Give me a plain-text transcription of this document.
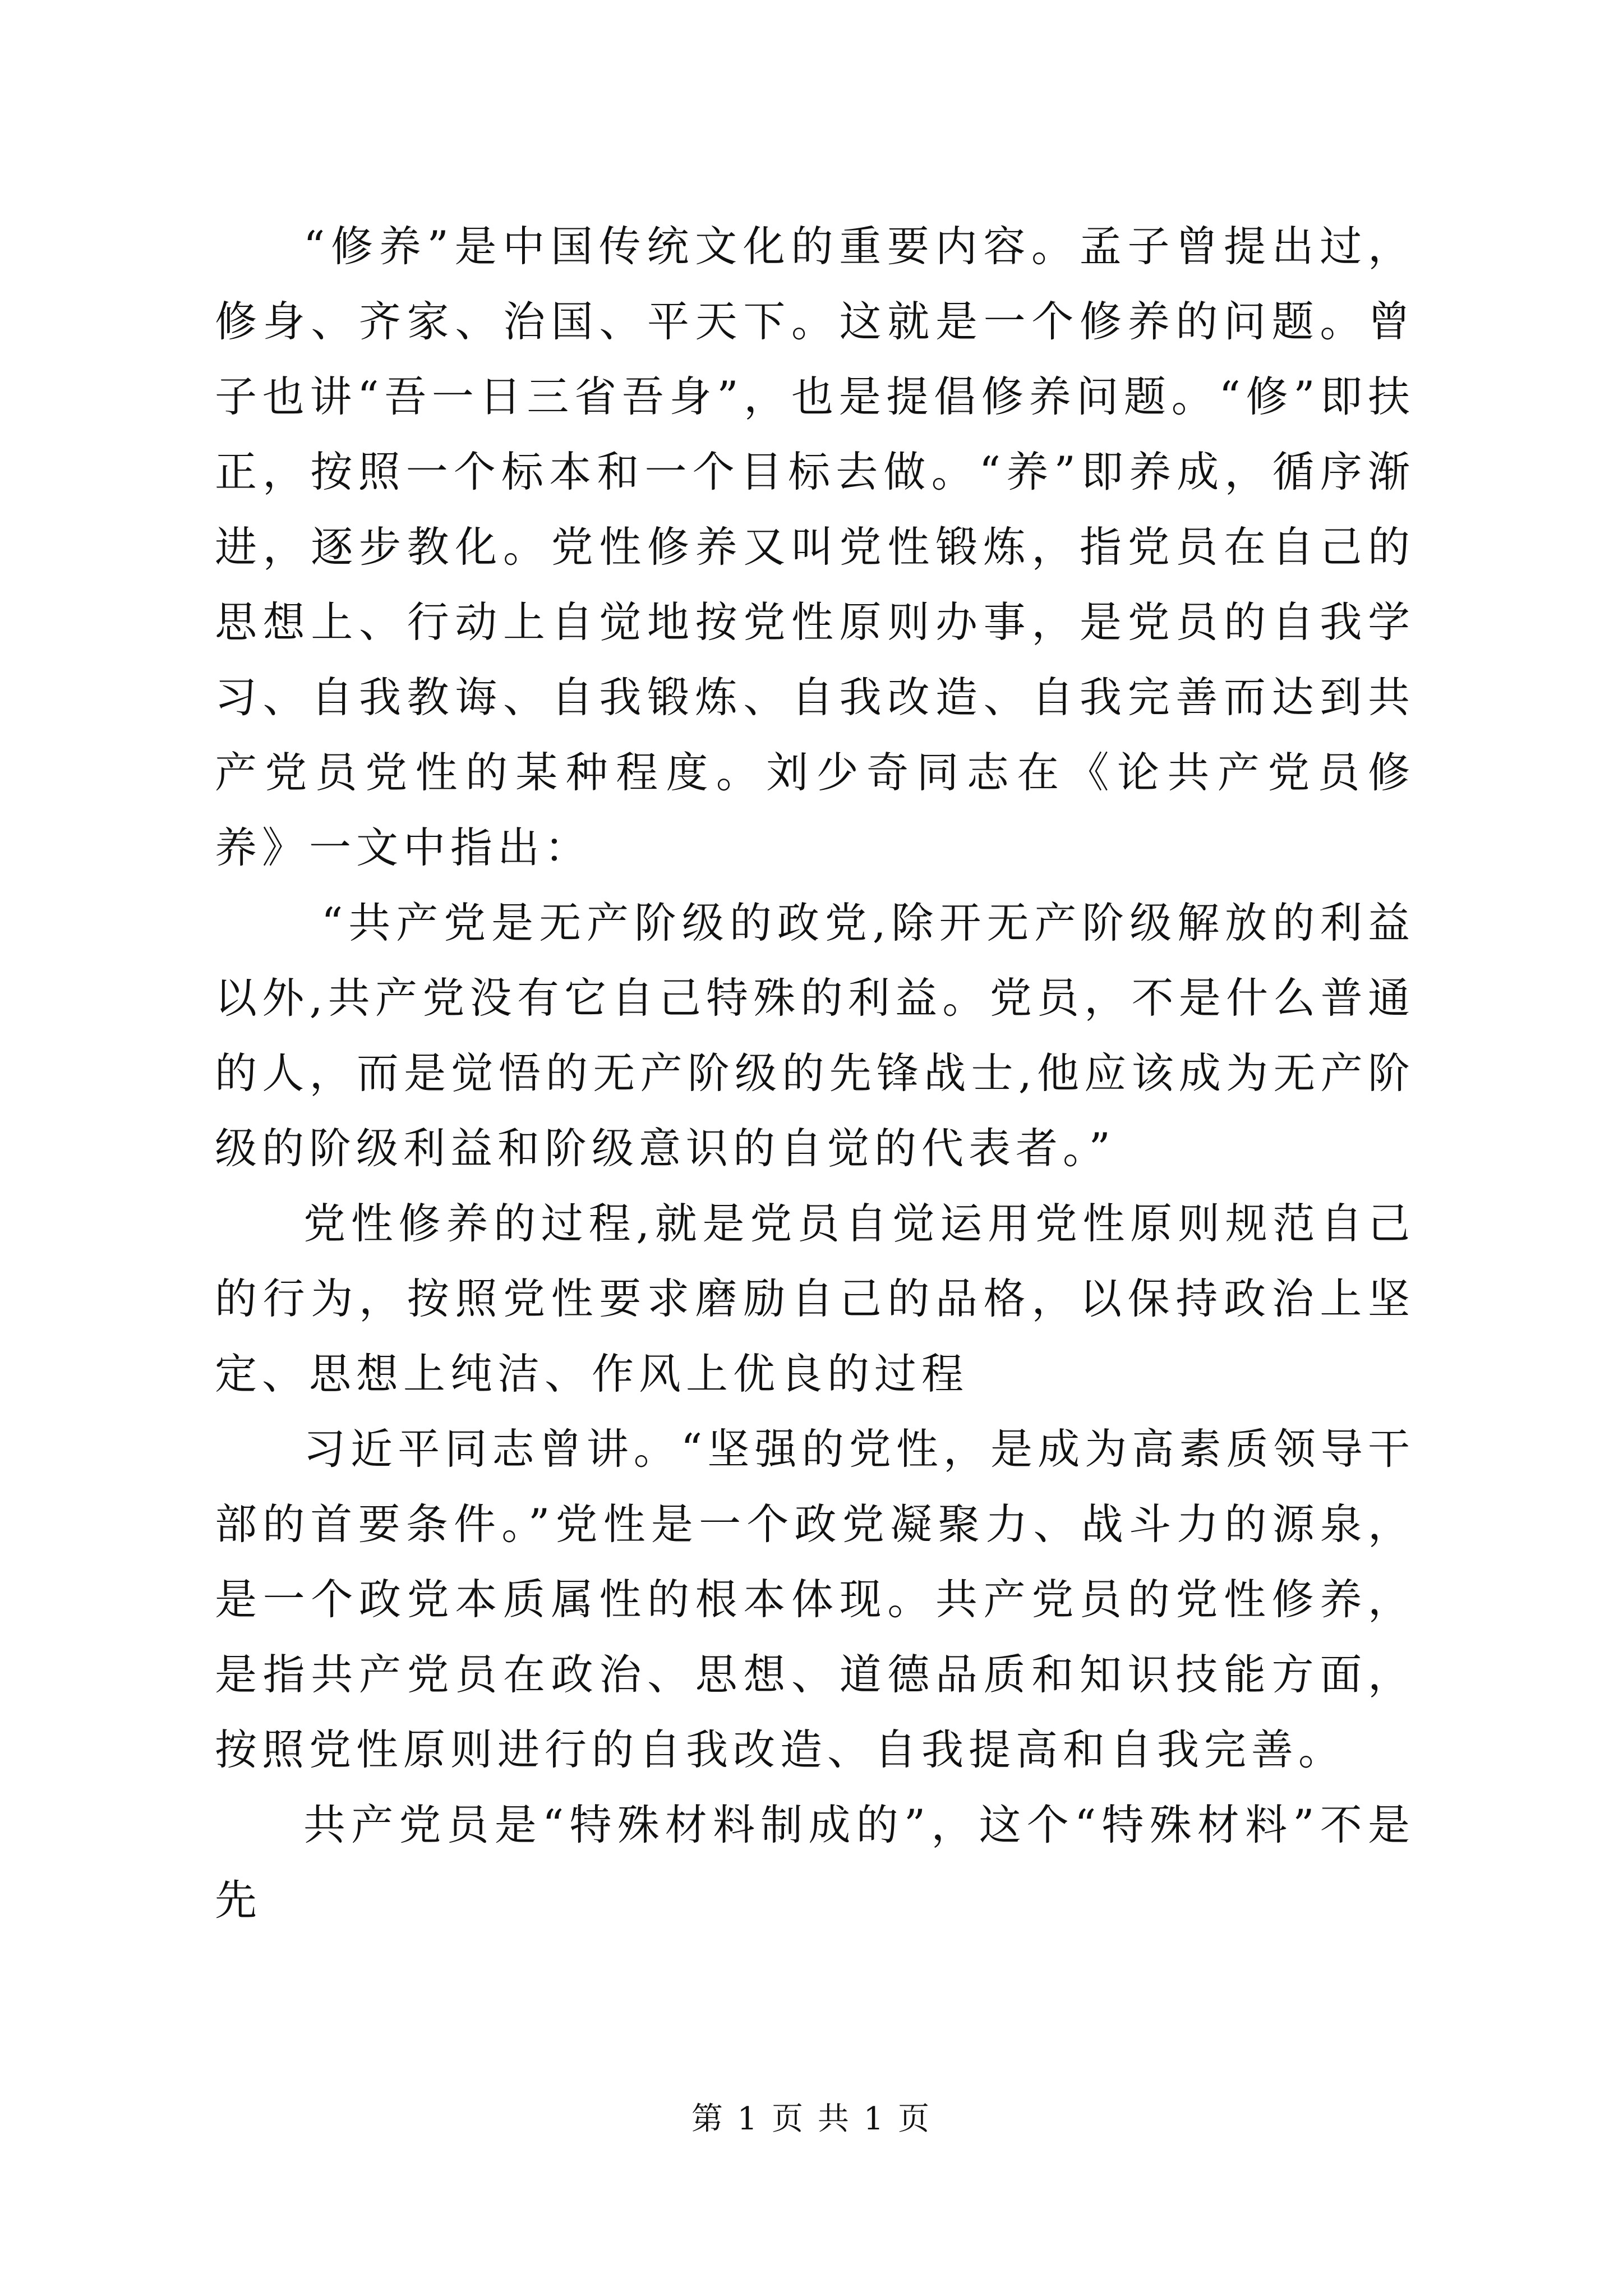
“修养”是中国传统文化的重要内容。孟子曾提出过，修身、齐家、治国、平天下。这就是一个修养的问题。曾子也讲“吾一日三省吾身”，也是提倡修养问题。“修”即扶正，按照一个标本和一个目标去做。“养”即养成，循序渐进，逐步教化。党性修养又叫党性锻炼，指党员在自己的思想上、行动上自觉地按党性原则办事，是党员的自我学习、自我教诲、自我锻炼、自我改造、自我完善而达到共产党员党性的某种程度。刘少奇同志在《论共产党员修养》一文中指出：

“共产党是无产阶级的政党,除开无产阶级解放的利益以外,共产党没有它自己特殊的利益。党员，不是什么普通的人，而是觉悟的无产阶级的先锋战士,他应该成为无产阶级的阶级利益和阶级意识的自觉的代表者。”

党性修养的过程,就是党员自觉运用党性原则规范自己的行为，按照党性要求磨励自己的品格，以保持政治上坚定、思想上纯洁、作风上优良的过程

习近平同志曾讲。“坚强的党性，是成为高素质领导干部的首要条件。”党性是一个政党凝聚力、战斗力的源泉，是一个政党本质属性的根本体现。共产党员的党性修养，是指共产党员在政治、思想、道德品质和知识技能方面，按照党性原则进行的自我改造、自我提高和自我完善。

共产党员是“特殊材料制成的”，这个“特殊材料”不是先

第 1 页 共 1 页
